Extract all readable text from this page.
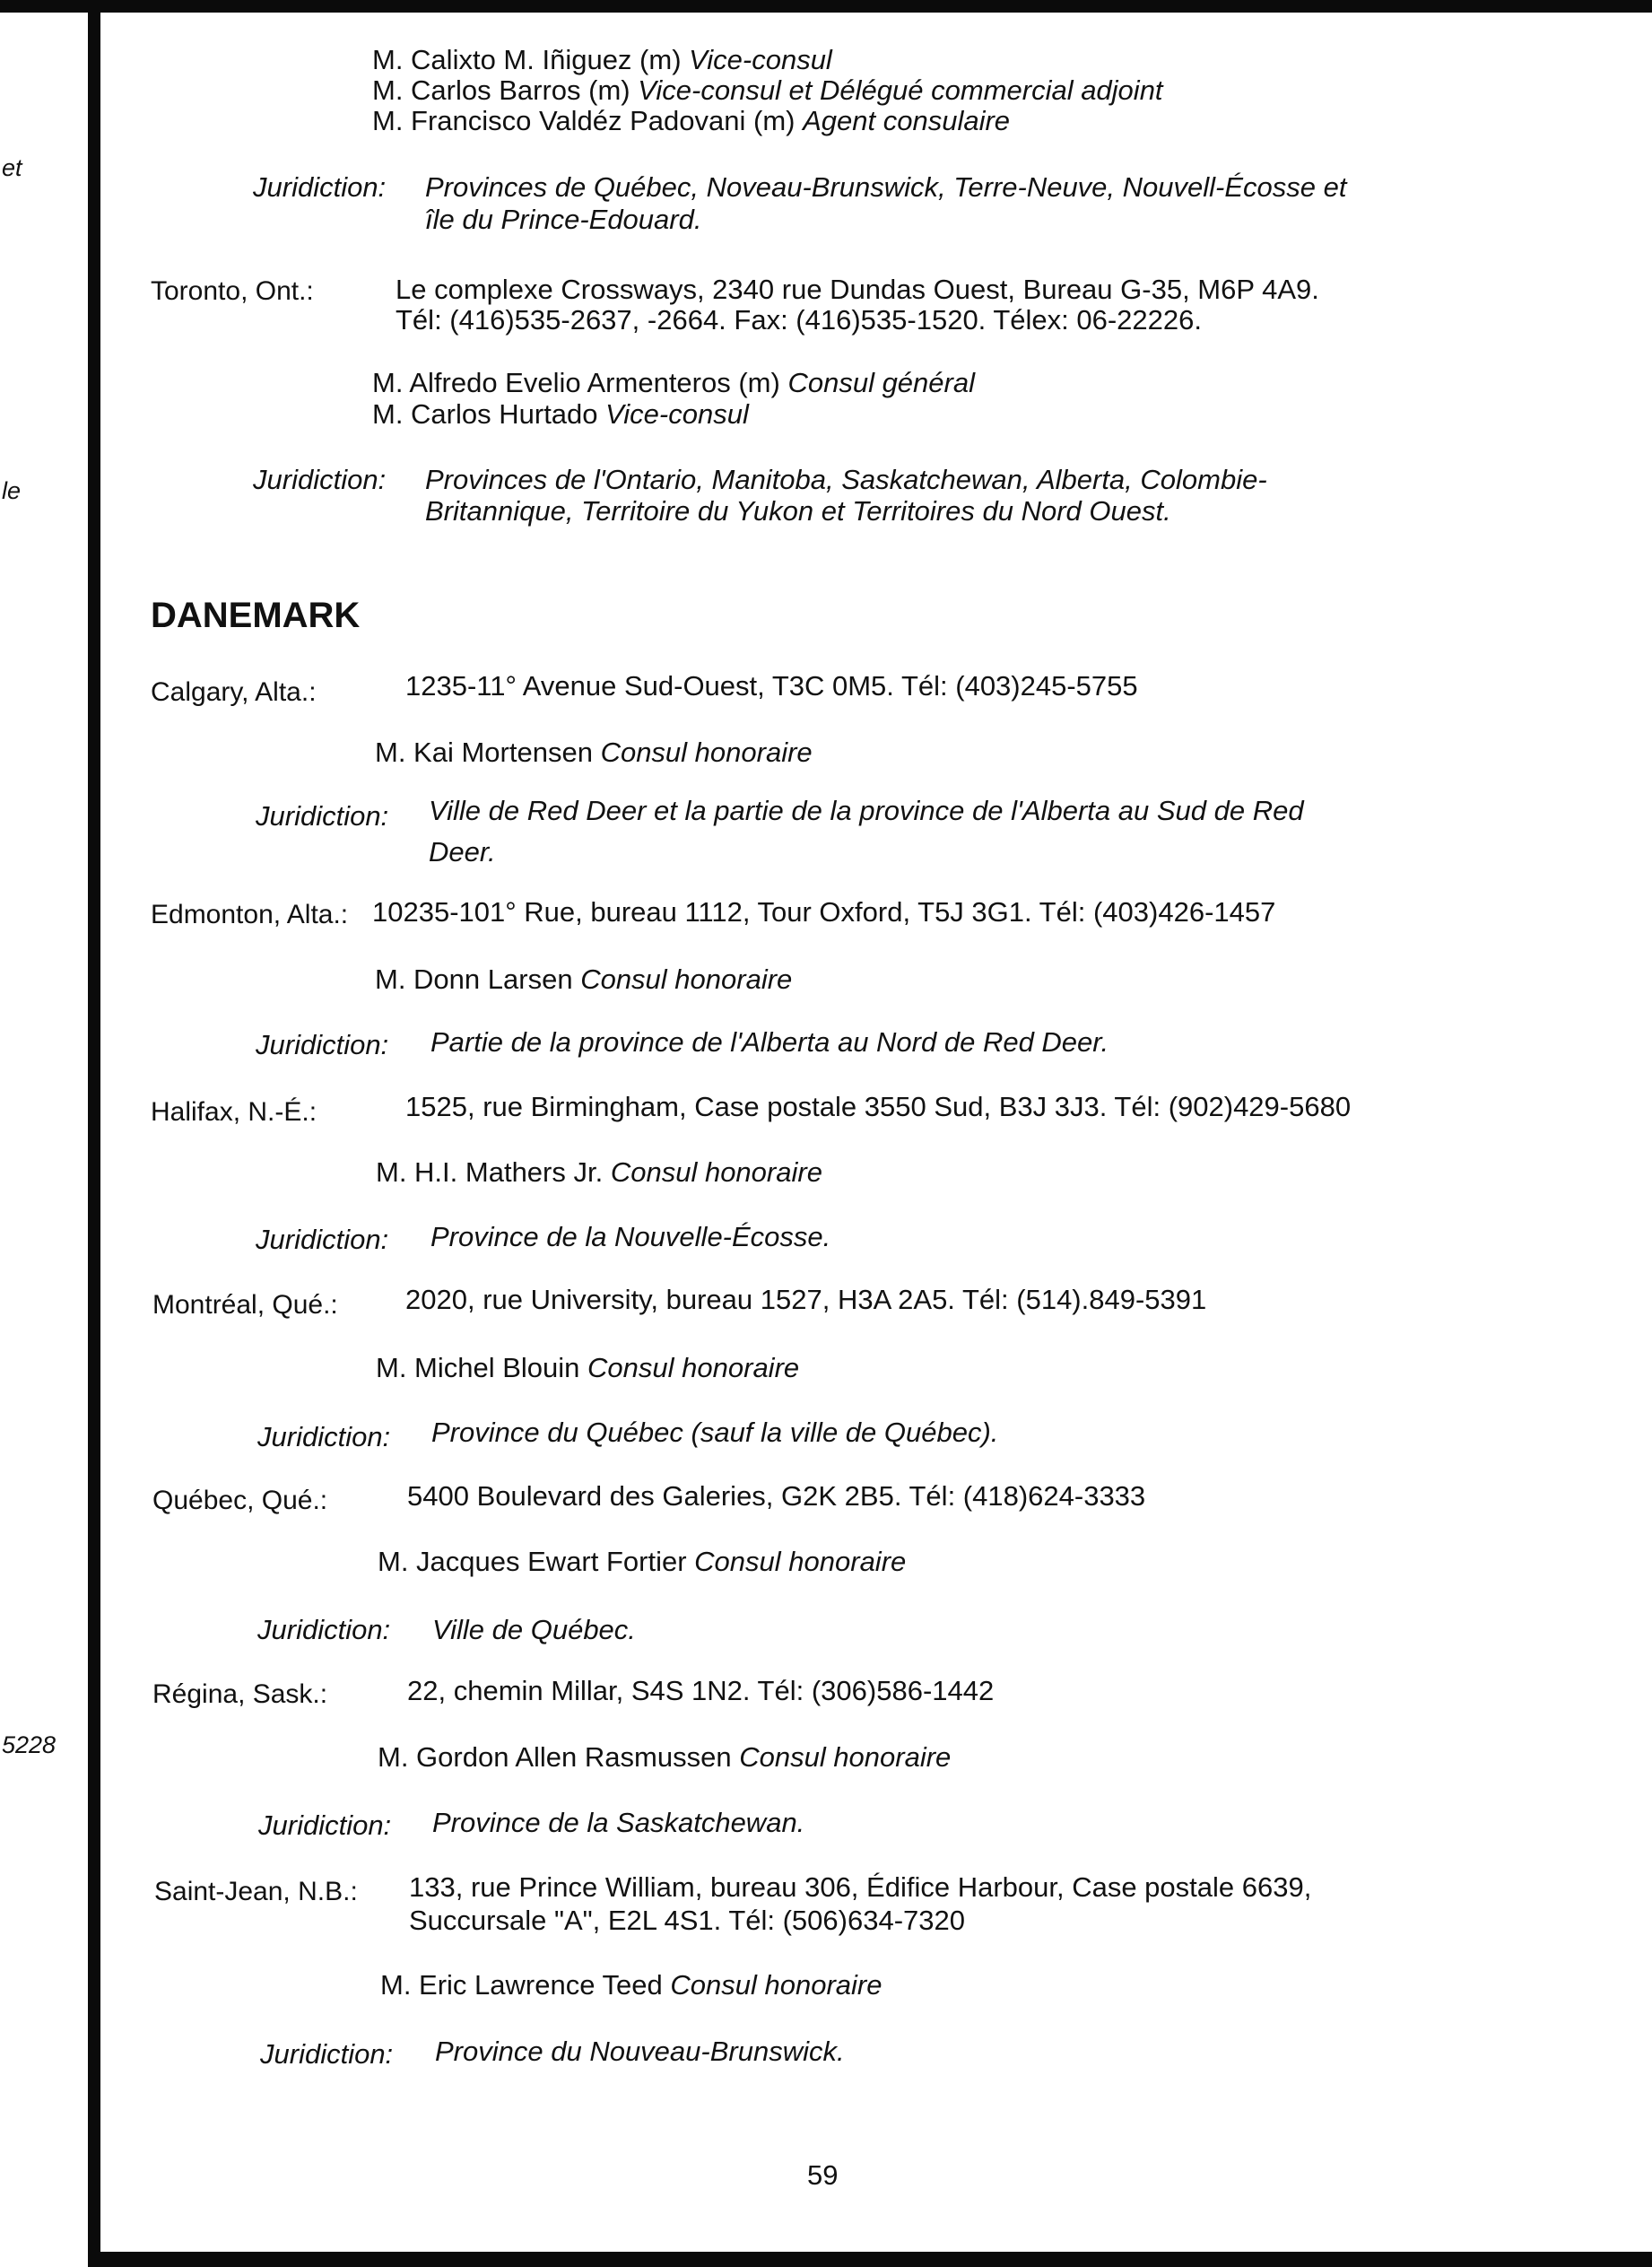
et
le
5228
M. Calixto M. Iñiguez (m) Vice-consul
M. Carlos Barros (m) Vice-consul et Délégué commercial adjoint
M. Francisco Valdéz Padovani (m) Agent consulaire
Juridiction: Provinces de Québec, Noveau-Brunswick, Terre-Neuve, Nouvell-Écosse et
île du Prince-Edouard.
Toronto, Ont.:	Le complexe Crossways, 2340 rue Dundas Ouest, Bureau G-35, M6P 4A9.
Tél: (416)535-2637, -2664. Fax: (416)535-1520. Télex: 06-22226.
M. Alfredo Evelio Armenteros (m) Consul général
M. Carlos Hurtado Vice-consul
Juridiction: Provinces de l'Ontario, Manitoba, Saskatchewan, Alberta, Colombie-
Britannique, Territoire du Yukon et Territoires du Nord Ouest.
DANEMARK
Calgary, Alta.:	1235-11° Avenue Sud-Ouest, T3C 0M5. Tél: (403)245-5755
M. Kai Mortensen Consul honoraire
Juridiction: Ville de Red Deer et la partie de la province de l'Alberta au Sud de Red
Deer.
Edmonton, Alta.: 10235-101° Rue, bureau 1112, Tour Oxford, T5J 3G1. Tél: (403)426-1457
M. Donn Larsen Consul honoraire
Juridiction: Partie de la province de l'Alberta au Nord de Red Deer.
Halifax, N.-É.:	1525, rue Birmingham, Case postale 3550 Sud, B3J 3J3. Tél: (902)429-5680
M. H.I. Mathers Jr. Consul honoraire
Juridiction: Province de la Nouvelle-Écosse.
Montréal, Qué.: 2020, rue University, bureau 1527, H3A 2A5. Tél: (514).849-5391
M. Michel Blouin Consul honoraire
Juridiction: Province du Québec (sauf la ville de Québec).
Québec, Qué.:	5400 Boulevard des Galeries, G2K 2B5. Tél: (418)624-3333
M. Jacques Ewart Fortier Consul honoraire
Juridiction: Ville de Québec.
Régina, Sask.:	22, chemin Millar, S4S 1N2. Tél: (306)586-1442
M. Gordon Allen Rasmussen Consul honoraire
Juridiction: Province de la Saskatchewan.
Saint-Jean, N.B.: 133, rue Prince William, bureau 306, Édifice Harbour, Case postale 6639,
Succursale "A", E2L 4S1. Tél: (506)634-7320
M. Eric Lawrence Teed Consul honoraire
Juridiction: Province du Nouveau-Brunswick.
59
